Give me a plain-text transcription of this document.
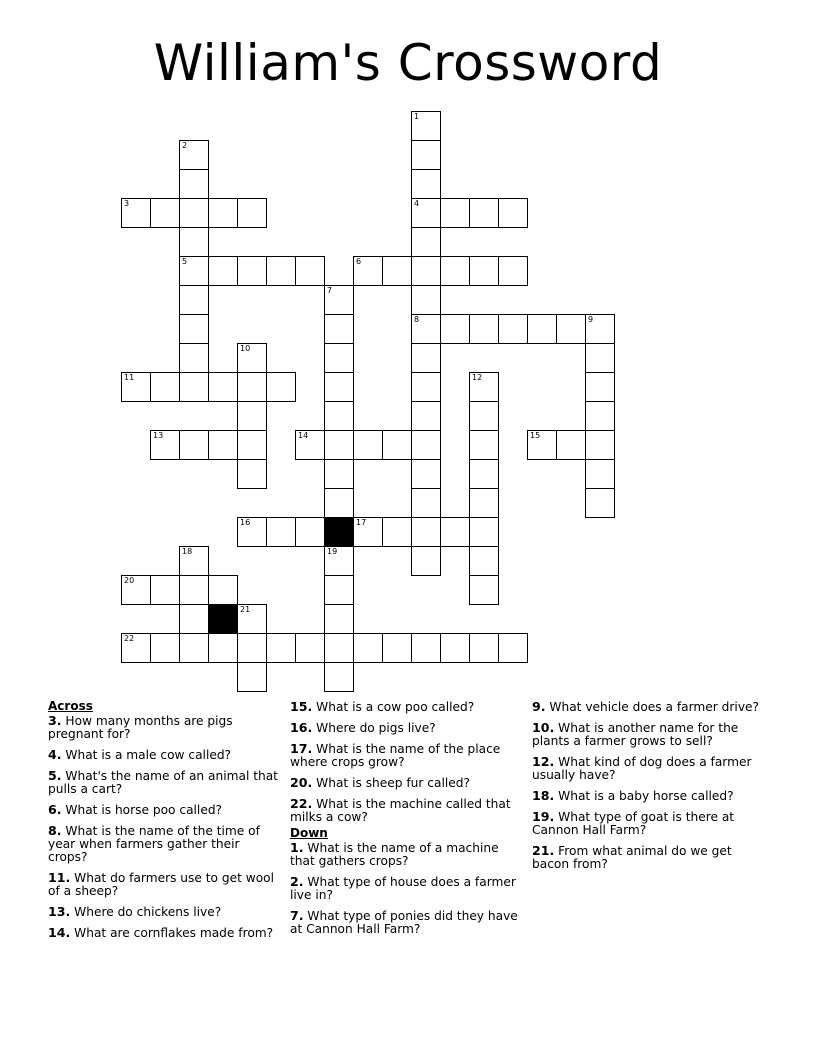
William's Crossword
1
2
3	4
5	6
7
8	9
10
11	12
13	14	15
16	17
18	19
20
21
22
Across
3. How many months are pigs pregnant for?
4. What is a male cow called?
5. What's the name of an animal that pulls a cart?
6. What is horse poo called?
8. What is the name of the time of year when farmers gather their crops?
11. What do farmers use to get wool of a sheep?
13. Where do chickens live?
14. What are cornflakes made from?
15. What is a cow poo called?
16. Where do pigs live?
17. What is the name of the place where crops grow?
20. What is sheep fur called?
22. What is the machine called that milks a cow?
Down
1. What is the name of a machine that gathers crops?
2. What type of house does a farmer live in?
7. What type of ponies did they have at Cannon Hall Farm?
9. What vehicle does a farmer drive?
10. What is another name for the plants a farmer grows to sell?
12. What kind of dog does a farmer usually have?
18. What is a baby horse called?
19. What type of goat is there at Cannon Hall Farm?
21. From what animal do we get bacon from?
